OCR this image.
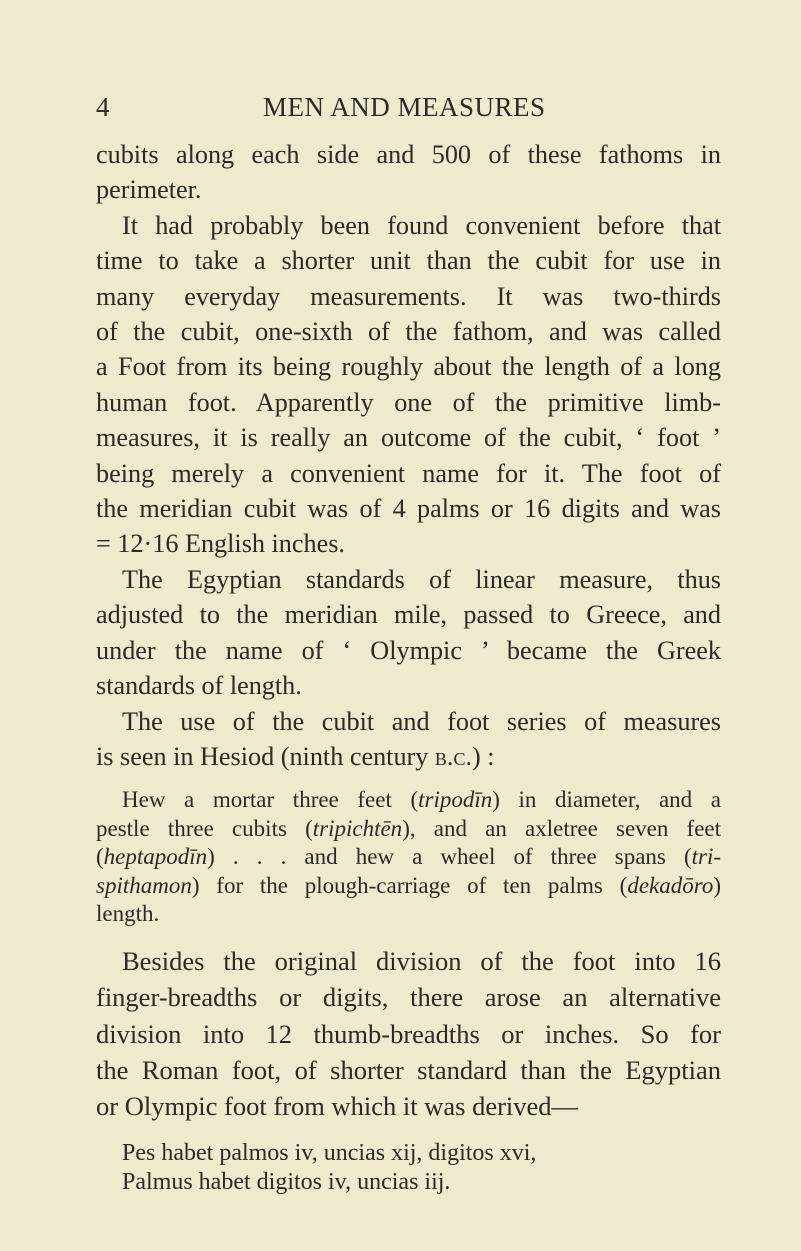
4	MEN AND MEASURES
cubits along each side and 500 of these fathoms in
perimeter.
It had probably been found convenient before that
time to take a shorter unit than the cubit for use in
many everyday measurements. It was two-thirds
of the cubit, one-sixth of the fathom, and was called
a Foot from its being roughly about the length of a long
human foot. Apparently one of the primitive limb-
measures, it is really an outcome of the cubit, ‘ foot ’
being merely a convenient name for it. The foot of
the meridian cubit was of 4 palms or 16 digits and was
= 12·16 English inches.
The Egyptian standards of linear measure, thus
adjusted to the meridian mile, passed to Greece, and
under the name of ‘ Olympic ’ became the Greek
standards of length.
The use of the cubit and foot series of measures
is seen in Hesiod (ninth century b.c.) :
Hew a mortar three feet (tripodīn) in diameter, and a
pestle three cubits (tripichtēn), and an axletree seven feet
(heptapodīn) . . . and hew a wheel of three spans (tri-
spithamon) for the plough-carriage of ten palms (dekadōro)
length.
Besides the original division of the foot into 16
finger-breadths or digits, there arose an alternative
division into 12 thumb-breadths or inches. So for
the Roman foot, of shorter standard than the Egyptian
or Olympic foot from which it was derived—
Pes habet palmos iv, uncias xij, digitos xvi,
Palmus habet digitos iv, uncias iij.
